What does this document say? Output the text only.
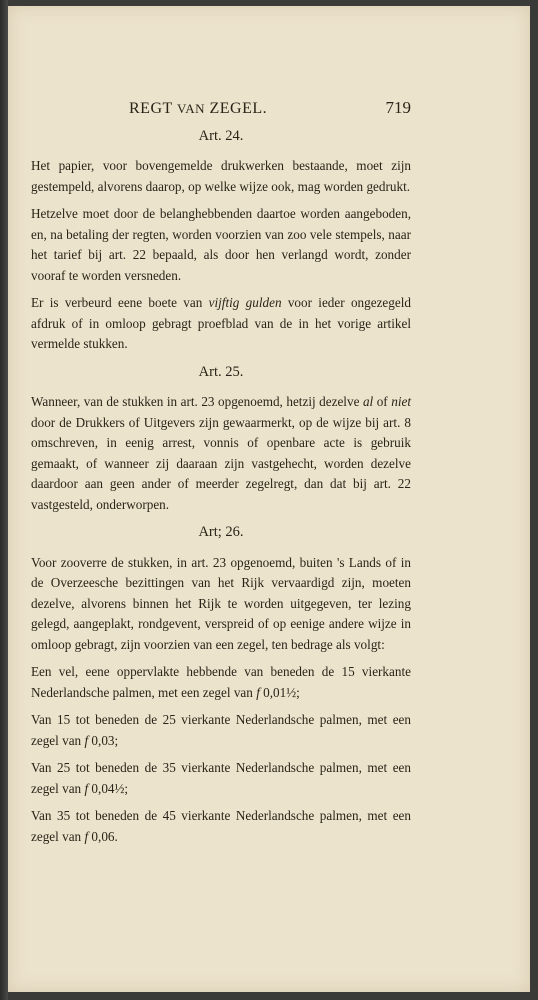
REGT VAN ZEGEL.	719
Art. 24.

Het papier, voor bovengemelde drukwerken bestaande, moet zijn gestempeld, alvorens daarop, op welke wijze ook, mag worden gedrukt.

Hetzelve moet door de belanghebbenden daartoe worden aangeboden, en, na betaling der regten, worden voorzien van zoo vele stempels, naar het tarief bij art. 22 bepaald, als door hen verlangd wordt, zonder vooraf te worden versneden.

Er is verbeurd eene boete van vijftig gulden voor ieder ongezegeld afdruk of in omloop gebragt proefblad van de in het vorige artikel vermelde stukken.

Art. 25.

Wanneer, van de stukken in art. 23 opgenoemd, hetzij dezelve al of niet door de Drukkers of Uitgevers zijn gewaarmerkt, op de wijze bij art. 8 omschreven, in eenig arrest, vonnis of openbare acte is gebruik gemaakt, of wanneer zij daaraan zijn vastgehecht, worden dezelve daardoor aan geen ander of meerder zegelregt, dan dat bij art. 22 vastgesteld, onderworpen.

Art; 26.

Voor zooverre de stukken, in art. 23 opgenoemd, buiten 's Lands of in de Overzeesche bezittingen van het Rijk vervaardigd zijn, moeten dezelve, alvorens binnen het Rijk te worden uitgegeven, ter lezing gelegd, aangeplakt, rondgevent, verspreid of op eenige andere wijze in omloop gebragt, zijn voorzien van een zegel, ten bedrage als volgt:

Een vel, eene oppervlakte hebbende van beneden de 15 vierkante Nederlandsche palmen, met een zegel van f 0,01½;

Van 15 tot beneden de 25 vierkante Nederlandsche palmen, met een zegel van f 0,03;

Van 25 tot beneden de 35 vierkante Nederlandsche palmen, met een zegel van f 0,04½;

Van 35 tot beneden de 45 vierkante Nederlandsche palmen, met een zegel van f 0,06.
